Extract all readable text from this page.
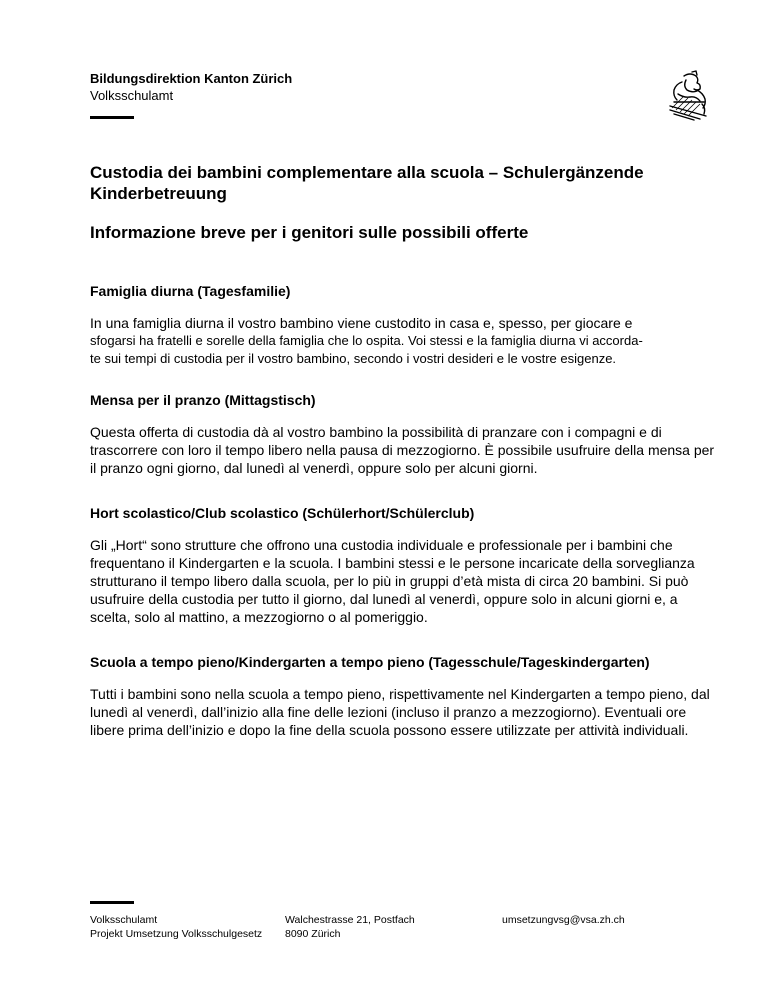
Bildungsdirektion Kanton Zürich
Volksschulamt
Custodia dei bambini complementare alla scuola – Schulergänzende Kinderbetreuung
Informazione breve per i genitori sulle possibili offerte
Famiglia diurna (Tagesfamilie)
In una famiglia diurna il vostro bambino viene custodito in casa e, spesso, per giocare e
sfogarsi ha fratelli e sorelle della famiglia che lo ospita. Voi stessi e la famiglia diurna vi accorda-
te sui tempi di custodia per il vostro bambino, secondo i vostri desideri e le vostre esigenze.
Mensa per il pranzo (Mittagstisch)

Questa offerta di custodia dà al vostro bambino la possibilità di pranzare con i compagni e di trascorrere con loro il tempo libero nella pausa di mezzogiorno. È possibile usufruire della mensa per il pranzo ogni giorno, dal lunedì al venerdì, oppure solo per alcuni giorni.

Hort scolastico/Club scolastico (Schülerhort/Schülerclub)

Gli „Hort“ sono strutture che offrono una custodia individuale e professionale per i bambini che frequentano il Kindergarten e la scuola. I bambini stessi e le persone incaricate della sorveglianza strutturano il tempo libero dalla scuola, per lo più in gruppi d’età mista di circa 20 bambini. Si può usufruire della custodia per tutto il giorno, dal lunedì al venerdì, oppure solo in alcuni giorni e, a scelta, solo al mattino, a mezzogiorno o al pomeriggio.

Scuola a tempo pieno/Kindergarten a tempo pieno (Tagesschule/Tageskindergarten)

Tutti i bambini sono nella scuola a tempo pieno, rispettivamente nel Kindergarten a tempo pieno, dal lunedì al venerdì, dall’inizio alla fine delle lezioni (incluso il pranzo a mezzogiorno). Eventuali ore libere prima dell’inizio e dopo la fine della scuola possono essere utilizzate per attività individuali.

Volksschulamt
Projekt Umsetzung Volksschulgesetz
Walchestrasse 21, Postfach
8090 Zürich
umsetzungvsg@vsa.zh.ch
